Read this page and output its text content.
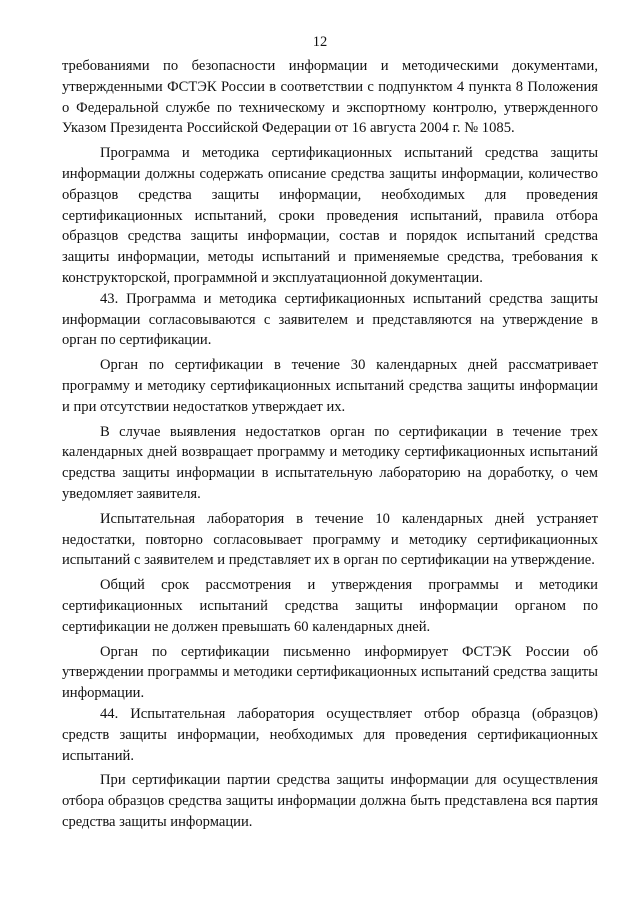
12

требованиями по безопасности информации и методическими документами, утвержденными ФСТЭК России в соответствии с подпунктом 4 пункта 8 Положения о Федеральной службе по техническому и экспортному контролю, утвержденного Указом Президента Российской Федерации от 16 августа 2004 г. № 1085.

Программа и методика сертификационных испытаний средства защиты информации должны содержать описание средства защиты информации, количество образцов средства защиты информации, необходимых для проведения сертификационных испытаний, сроки проведения испытаний, правила отбора образцов средства защиты информации, состав и порядок испытаний средства защиты информации, методы испытаний и применяемые средства, требования к конструкторской, программной и эксплуатационной документации.

43. Программа и методика сертификационных испытаний средства защиты информации согласовываются с заявителем и представляются на утверждение в орган по сертификации.

Орган по сертификации в течение 30 календарных дней рассматривает программу и методику сертификационных испытаний средства защиты информации и при отсутствии недостатков утверждает их.

В случае выявления недостатков орган по сертификации в течение трех календарных дней возвращает программу и методику сертификационных испытаний средства защиты информации в испытательную лабораторию на доработку, о чем уведомляет заявителя.

Испытательная лаборатория в течение 10 календарных дней устраняет недостатки, повторно согласовывает программу и методику сертификационных испытаний с заявителем и представляет их в орган по сертификации на утверждение.

Общий срок рассмотрения и утверждения программы и методики сертификационных испытаний средства защиты информации органом по сертификации не должен превышать 60 календарных дней.

Орган по сертификации письменно информирует ФСТЭК России об утверждении программы и методики сертификационных испытаний средства защиты информации.

44. Испытательная лаборатория осуществляет отбор образца (образцов) средств защиты информации, необходимых для проведения сертификационных испытаний.

При сертификации партии средства защиты информации для осуществления отбора образцов средства защиты информации должна быть представлена вся партия средства защиты информации.
